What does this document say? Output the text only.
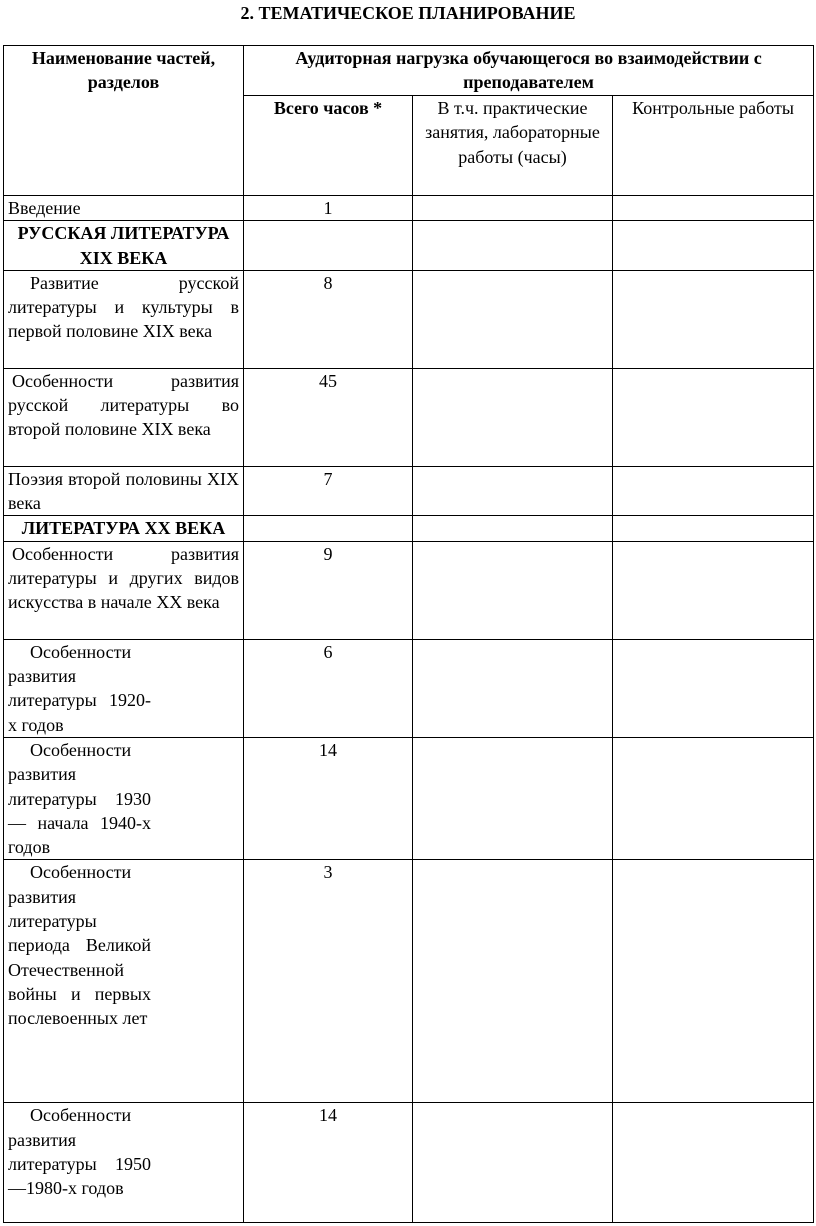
2. ТЕМАТИЧЕСКОЕ ПЛАНИРОВАНИЕ
Наименование частей, разделов	Аудиторная нагрузка обучающегося во взаимодействии с преподавателем		
	Всего часов *	В т.ч. практические занятия, лабораторные работы (часы)	Контрольные работы
Введение	1		
РУССКАЯ ЛИТЕРАТУРА XIX ВЕКА			
Развитие русской литературы и культуры в первой половине XIX века	8		
Особенности развития русской литературы во второй половине XIX века	45		
Поэзия второй половины XIX века	7		
ЛИТЕРАТУРА XX ВЕКА			
Особенности развития литературы и других видов искусства в начале XX века	9		

Особенности развития литературы 1920-х годов	6		

Особенности развития литературы 1930 — начала 1940-х годов	14		

Особенности развития литературы периода Великой Отечественной войны и первых послевоенных лет	3		

Особенности развития литературы 1950—1980-х годов	14		
